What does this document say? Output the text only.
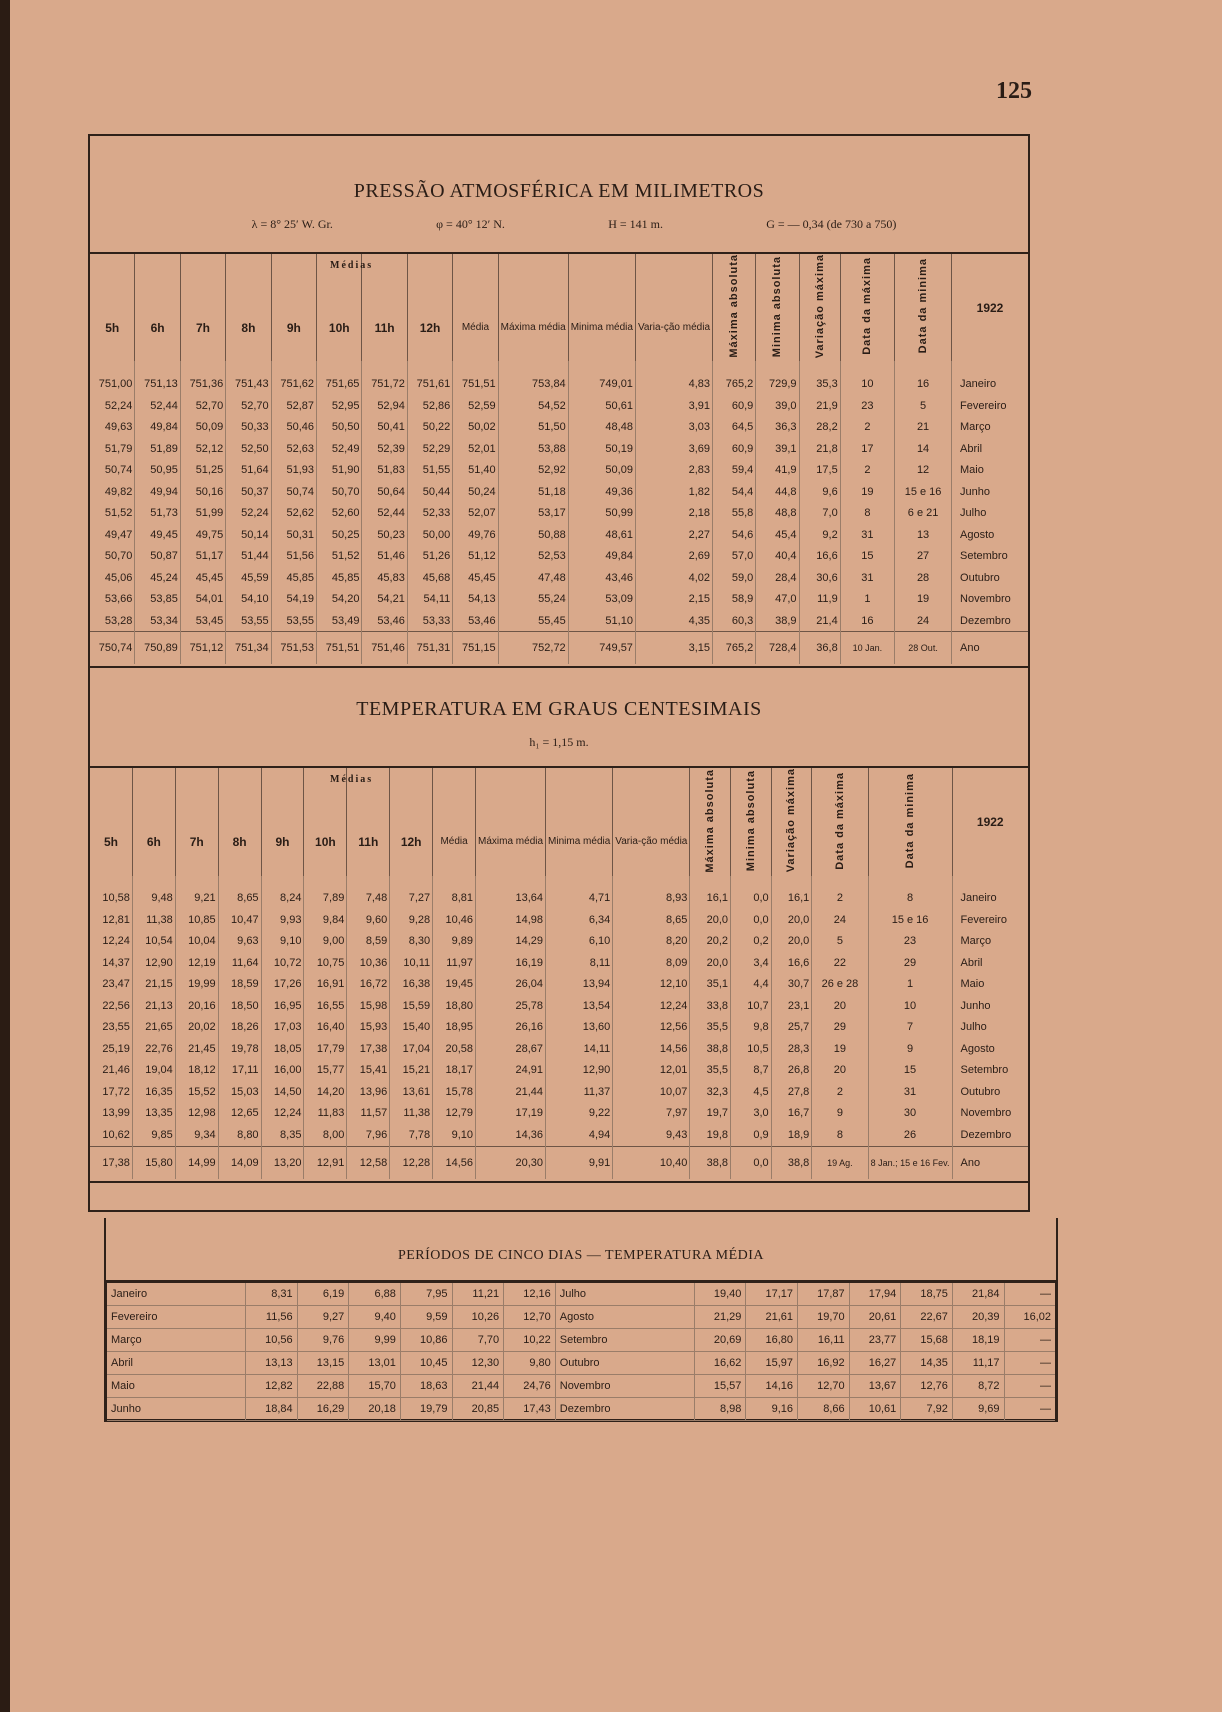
125
PRESSÃO ATMOSFÉRICA EM MILIMETROS
λ = 8° 25′ W. Gr.	φ = 40° 12′ N.	H = 141 m.	G = — 0,34 (de 730 a 750)
Médias
5h	6h	7h	8h	9h	10h	11h	12h	Média	Máxima média	Minima média	Varia-ção média	Máxima absoluta	Minima absoluta	Variação máxima	Data da máxima	Data da minima	1922
751,00	751,13	751,36	751,43	751,62	751,65	751,72	751,61	751,51	753,84	749,01	4,83	765,2	729,9	35,3	10	16	Janeiro
52,24	52,44	52,70	52,70	52,87	52,95	52,94	52,86	52,59	54,52	50,61	3,91	60,9	39,0	21,9	23	5	Fevereiro
49,63	49,84	50,09	50,33	50,46	50,50	50,41	50,22	50,02	51,50	48,48	3,03	64,5	36,3	28,2	2	21	Março
51,79	51,89	52,12	52,50	52,63	52,49	52,39	52,29	52,01	53,88	50,19	3,69	60,9	39,1	21,8	17	14	Abril
50,74	50,95	51,25	51,64	51,93	51,90	51,83	51,55	51,40	52,92	50,09	2,83	59,4	41,9	17,5	2	12	Maio
49,82	49,94	50,16	50,37	50,74	50,70	50,64	50,44	50,24	51,18	49,36	1,82	54,4	44,8	9,6	19	15 e 16	Junho
51,52	51,73	51,99	52,24	52,62	52,60	52,44	52,33	52,07	53,17	50,99	2,18	55,8	48,8	7,0	8	6 e 21	Julho
49,47	49,45	49,75	50,14	50,31	50,25	50,23	50,00	49,76	50,88	48,61	2,27	54,6	45,4	9,2	31	13	Agosto
50,70	50,87	51,17	51,44	51,56	51,52	51,46	51,26	51,12	52,53	49,84	2,69	57,0	40,4	16,6	15	27	Setembro
45,06	45,24	45,45	45,59	45,85	45,85	45,83	45,68	45,45	47,48	43,46	4,02	59,0	28,4	30,6	31	28	Outubro
53,66	53,85	54,01	54,10	54,19	54,20	54,21	54,11	54,13	55,24	53,09	2,15	58,9	47,0	11,9	1	19	Novembro
53,28	53,34	53,45	53,55	53,55	53,49	53,46	53,33	53,46	55,45	51,10	4,35	60,3	38,9	21,4	16	24	Dezembro
750,74	750,89	751,12	751,34	751,53	751,51	751,46	751,31	751,15	752,72	749,57	3,15	765,2	728,4	36,8	10 Jan.	28 Out.	Ano
TEMPERATURA EM GRAUS CENTESIMAIS
h₁ = 1,15 m.
Médias
5h	6h	7h	8h	9h	10h	11h	12h	Média	Máxima média	Minima média	Varia-ção média	Máxima absoluta	Minima absoluta	Variação máxima	Data da máxima	Data da minima	1922
10,58	9,48	9,21	8,65	8,24	7,89	7,48	7,27	8,81	13,64	4,71	8,93	16,1	0,0	16,1	2	8	Janeiro
12,81	11,38	10,85	10,47	9,93	9,84	9,60	9,28	10,46	14,98	6,34	8,65	20,0	0,0	20,0	24	15 e 16	Fevereiro
12,24	10,54	10,04	9,63	9,10	9,00	8,59	8,30	9,89	14,29	6,10	8,20	20,2	0,2	20,0	5	23	Março
14,37	12,90	12,19	11,64	10,72	10,75	10,36	10,11	11,97	16,19	8,11	8,09	20,0	3,4	16,6	22	29	Abril
23,47	21,15	19,99	18,59	17,26	16,91	16,72	16,38	19,45	26,04	13,94	12,10	35,1	4,4	30,7	26 e 28	1	Maio
22,56	21,13	20,16	18,50	16,95	16,55	15,98	15,59	18,80	25,78	13,54	12,24	33,8	10,7	23,1	20	10	Junho
23,55	21,65	20,02	18,26	17,03	16,40	15,93	15,40	18,95	26,16	13,60	12,56	35,5	9,8	25,7	29	7	Julho
25,19	22,76	21,45	19,78	18,05	17,79	17,38	17,04	20,58	28,67	14,11	14,56	38,8	10,5	28,3	19	9	Agosto
21,46	19,04	18,12	17,11	16,00	15,77	15,41	15,21	18,17	24,91	12,90	12,01	35,5	8,7	26,8	20	15	Setembro
17,72	16,35	15,52	15,03	14,50	14,20	13,96	13,61	15,78	21,44	11,37	10,07	32,3	4,5	27,8	2	31	Outubro
13,99	13,35	12,98	12,65	12,24	11,83	11,57	11,38	12,79	17,19	9,22	7,97	19,7	3,0	16,7	9	30	Novembro
10,62	9,85	9,34	8,80	8,35	8,00	7,96	7,78	9,10	14,36	4,94	9,43	19,8	0,9	18,9	8	26	Dezembro
17,38	15,80	14,99	14,09	13,20	12,91	12,58	12,28	14,56	20,30	9,91	10,40	38,8	0,0	38,8	19 Ag.	8 Jan.; 15 e 16 Fev.	Ano
PERÍODOS DE CINCO DIAS — TEMPERATURA MÉDIA
Janeiro	8,31	6,19	6,88	7,95	11,21	12,16	Julho	19,40	17,17	17,87	17,94	18,75	21,84	—
Fevereiro	11,56	9,27	9,40	9,59	10,26	12,70	Agosto	21,29	21,61	19,70	20,61	22,67	20,39	16,02
Março	10,56	9,76	9,99	10,86	7,70	10,22	Setembro	20,69	16,80	16,11	23,77	15,68	18,19	—
Abril	13,13	13,15	13,01	10,45	12,30	9,80	Outubro	16,62	15,97	16,92	16,27	14,35	11,17	—
Maio	12,82	22,88	15,70	18,63	21,44	24,76	Novembro	15,57	14,16	12,70	13,67	12,76	8,72	—
Junho	18,84	16,29	20,18	19,79	20,85	17,43	Dezembro	8,98	9,16	8,66	10,61	7,92	9,69	—
